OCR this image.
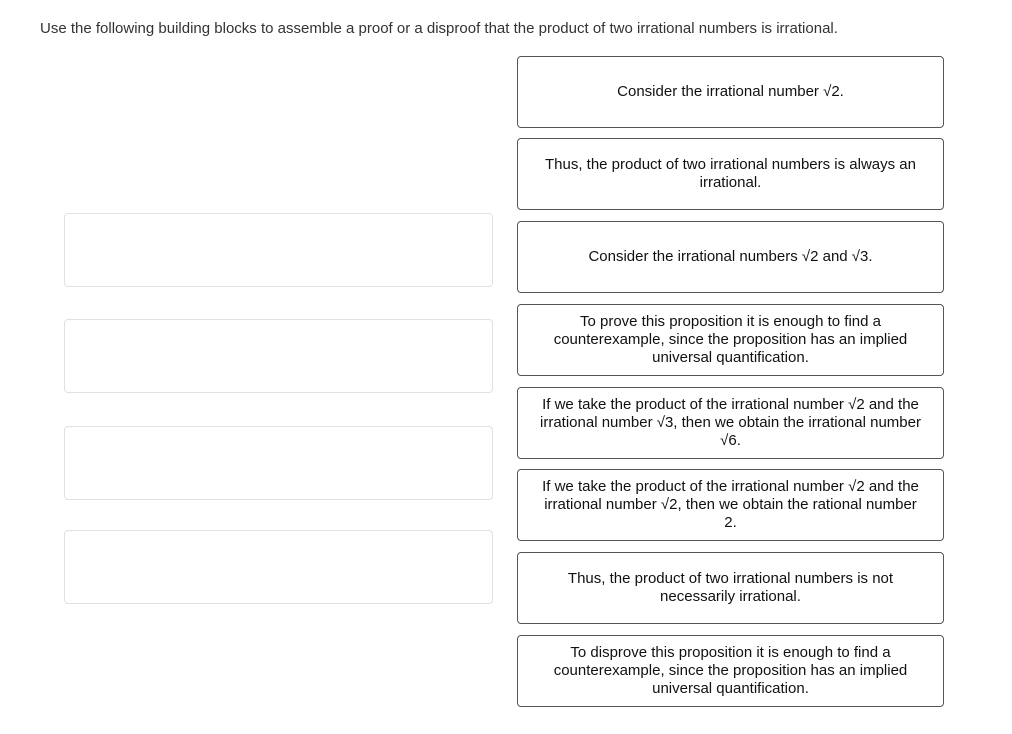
Use the following building blocks to assemble a proof or a disproof that the product of two irrational numbers is irrational.
Consider the irrational number √2.
Thus, the product of two irrational numbers is always an irrational.
Consider the irrational numbers √2 and √3.
To prove this proposition it is enough to find a counterexample, since the proposition has an implied universal quantification.
If we take the product of the irrational number √2 and the irrational number √3, then we obtain the irrational number √6.
If we take the product of the irrational number √2 and the irrational number √2, then we obtain the rational number 2.
Thus, the product of two irrational numbers is not necessarily irrational.
To disprove this proposition it is enough to find a counterexample, since the proposition has an implied universal quantification.
